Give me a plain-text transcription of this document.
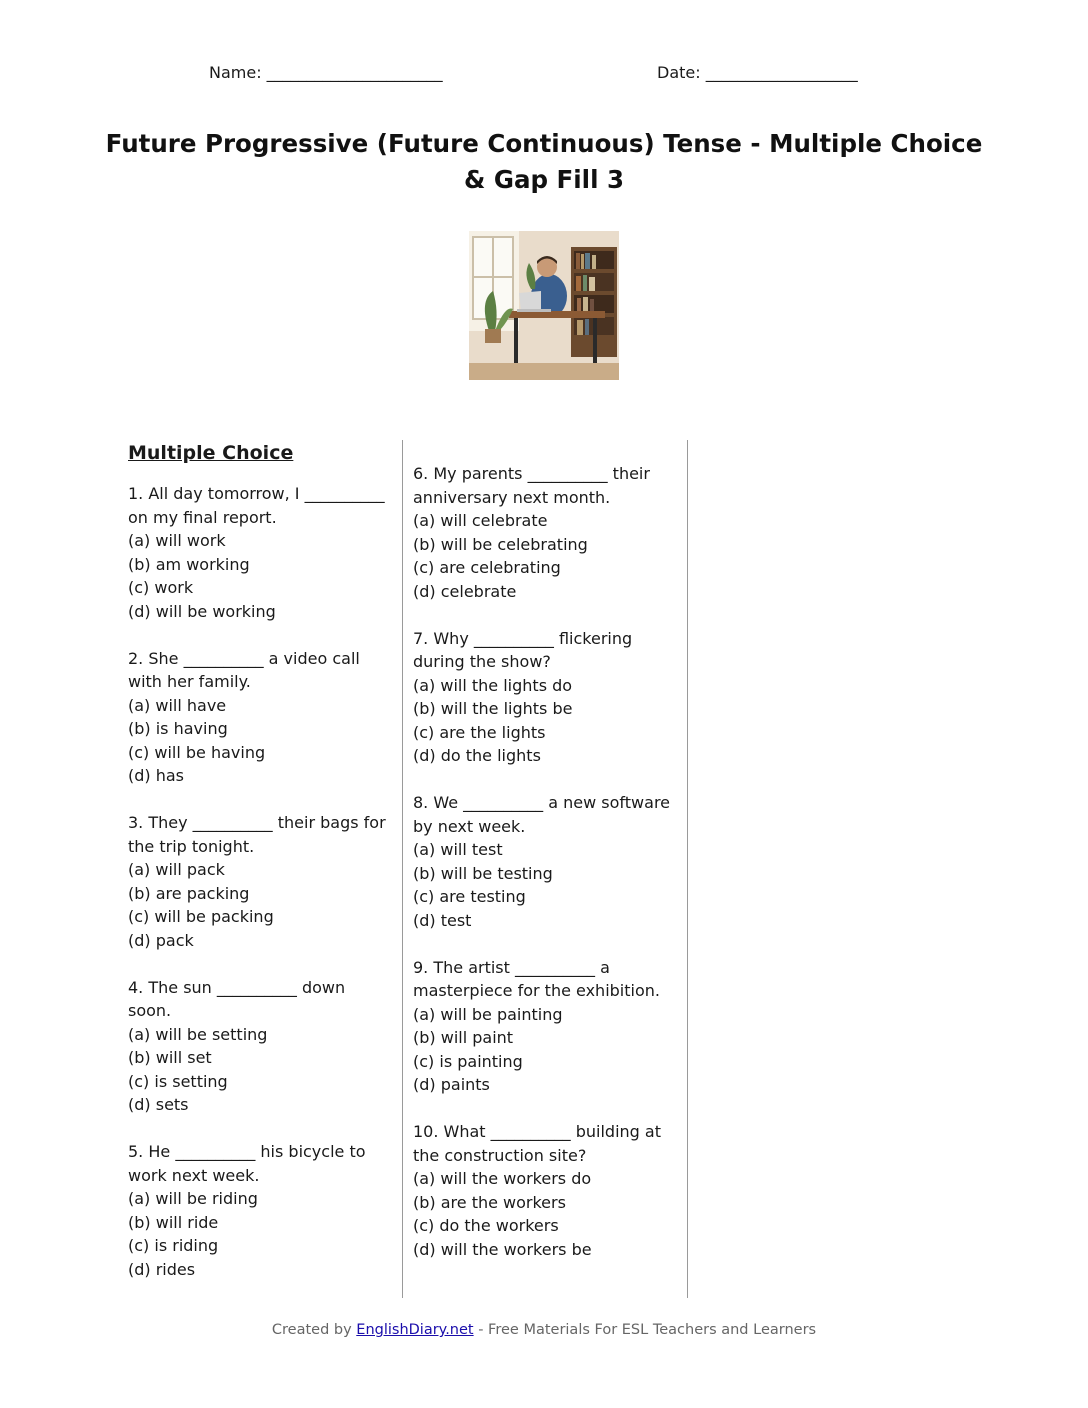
Name: ______________________	Date: ___________________
Future Progressive (Future Continuous) Tense - Multiple Choice & Gap Fill 3
Multiple Choice

1. All day tomorrow, I __________ on my final report.

(a) will work

(b) am working

(c) work

(d) will be working

2. She __________ a video call with her family.

(a) will have

(b) is having

(c) will be having

(d) has

3. They __________ their bags for the trip tonight.

(a) will pack

(b) are packing

(c) will be packing

(d) pack

4. The sun __________ down soon.

(a) will be setting

(b) will set

(c) is setting

(d) sets

5. He __________ his bicycle to work next week.

(a) will be riding

(b) will ride

(c) is riding

(d) rides

6. My parents __________ their anniversary next month.

(a) will celebrate

(b) will be celebrating

(c) are celebrating

(d) celebrate

7. Why __________ flickering during the show?

(a) will the lights do

(b) will the lights be

(c) are the lights

(d) do the lights

8. We __________ a new software by next week.

(a) will test

(b) will be testing

(c) are testing

(d) test

9. The artist __________ a masterpiece for the exhibition.

(a) will be painting

(b) will paint

(c) is painting

(d) paints

10. What __________ building at the construction site?

(a) will the workers do

(b) are the workers

(c) do the workers

(d) will the workers be

Created by EnglishDiary.net - Free Materials For ESL Teachers and Learners
